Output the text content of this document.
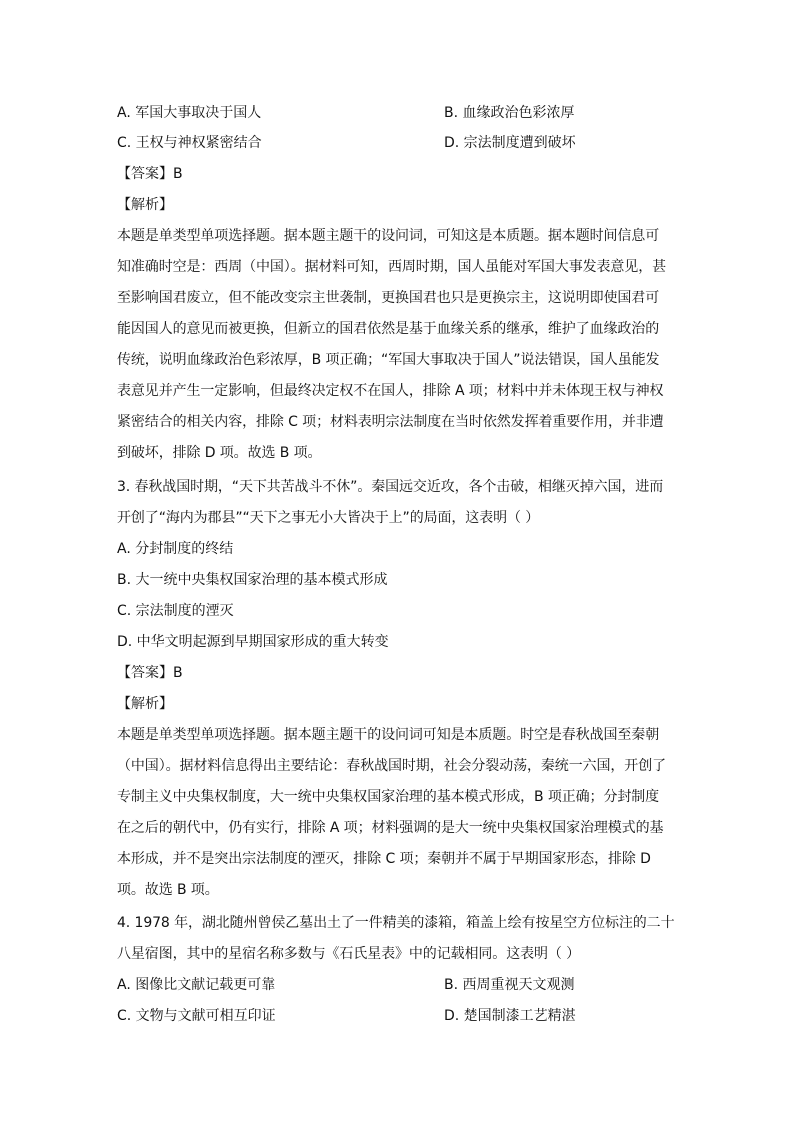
A. 军国大事取决于国人	B. 血缘政治色彩浓厚
C. 王权与神权紧密结合	D. 宗法制度遭到破坏
【答案】B
【解析】
本题是单类型单项选择题。据本题主题干的设问词，可知这是本质题。据本题时间信息可
知准确时空是：西周（中国）。据材料可知，西周时期，国人虽能对军国大事发表意见，甚
至影响国君废立，但不能改变宗主世袭制，更换国君也只是更换宗主，这说明即使国君可
能因国人的意见而被更换，但新立的国君依然是基于血缘关系的继承，维护了血缘政治的
传统，说明血缘政治色彩浓厚，B 项正确；“军国大事取决于国人”说法错误，国人虽能发
表意见并产生一定影响，但最终决定权不在国人，排除 A 项；材料中并未体现王权与神权
紧密结合的相关内容，排除 C 项；材料表明宗法制度在当时依然发挥着重要作用，并非遭
到破坏，排除 D 项。故选 B 项。
3. 春秋战国时期，“天下共苦战斗不休”。秦国远交近攻，各个击破，相继灭掉六国，进而
开创了“海内为郡县”“天下之事无小大皆决于上”的局面，这表明（ ）
A. 分封制度的终结
B. 大一统中央集权国家治理的基本模式形成
C. 宗法制度的湮灭
D. 中华文明起源到早期国家形成的重大转变
【答案】B
【解析】
本题是单类型单项选择题。据本题主题干的设问词可知是本质题。时空是春秋战国至秦朝
（中国）。据材料信息得出主要结论：春秋战国时期，社会分裂动荡，秦统一六国，开创了
专制主义中央集权制度，大一统中央集权国家治理的基本模式形成，B 项正确；分封制度
在之后的朝代中，仍有实行，排除 A 项；材料强调的是大一统中央集权国家治理模式的基
本形成，并不是突出宗法制度的湮灭，排除 C 项；秦朝并不属于早期国家形态，排除 D
项。故选 B 项。
4. 1978 年，湖北随州曾侯乙墓出土了一件精美的漆箱，箱盖上绘有按星空方位标注的二十
八星宿图，其中的星宿名称多数与《石氏星表》中的记载相同。这表明（ ）
A. 图像比文献记载更可靠	B. 西周重视天文观测
C. 文物与文献可相互印证	D. 楚国制漆工艺精湛
